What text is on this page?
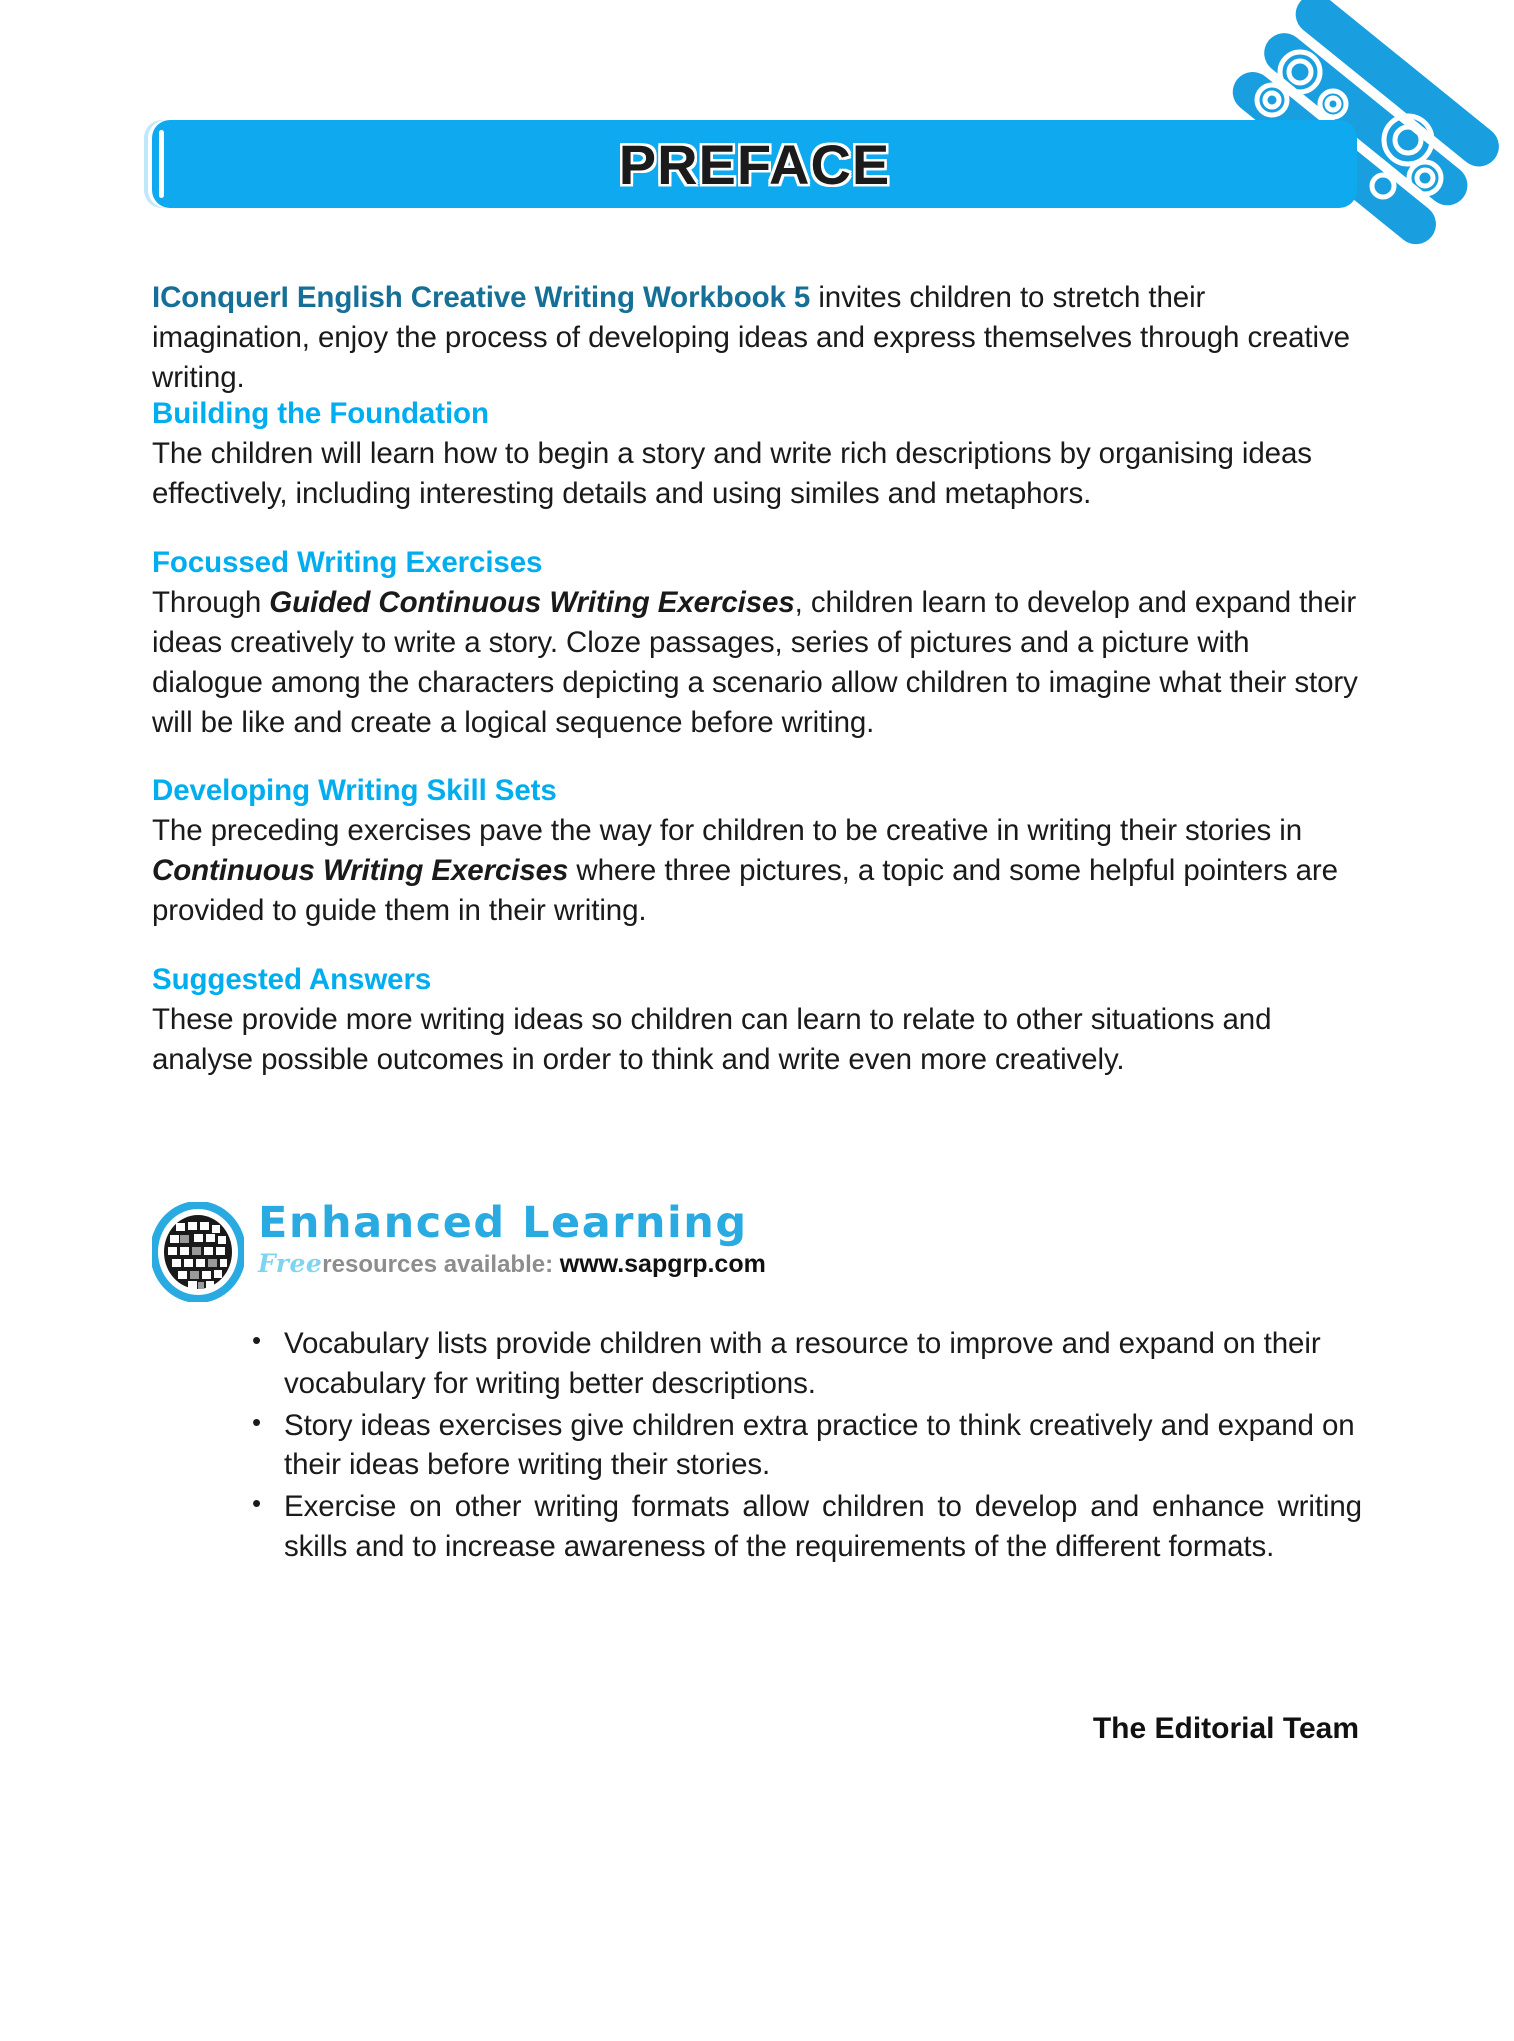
PREFACE

IConquerI English Creative Writing Workbook 5 invites children to stretch their imagination, enjoy the process of developing ideas and express themselves through creative writing.

Building the Foundation

The children will learn how to begin a story and write rich descriptions by organising ideas effectively, including interesting details and using similes and metaphors.

Focussed Writing Exercises

Through Guided Continuous Writing Exercises, children learn to develop and expand their ideas creatively to write a story. Cloze passages, series of pictures and a picture with dialogue among the characters depicting a scenario allow children to imagine what their story will be like and create a logical sequence before writing.

Developing Writing Skill Sets

The preceding exercises pave the way for children to be creative in writing their stories in Continuous Writing Exercises where three pictures, a topic and some helpful pointers are provided to guide them in their writing.

Suggested Answers

These provide more writing ideas so children can learn to relate to other situations and analyse possible outcomes in order to think and write even more creatively.

Enhanced Learning
Freeresources available: www.sapgrp.com
• Vocabulary lists provide children with a resource to improve and expand on their vocabulary for writing better descriptions.
• Story ideas exercises give children extra practice to think creatively and expand on their ideas before writing their stories.
• Exercise on other writing formats allow children to develop and enhance writing skills and to increase awareness of the requirements of the different formats.
The Editorial Team
